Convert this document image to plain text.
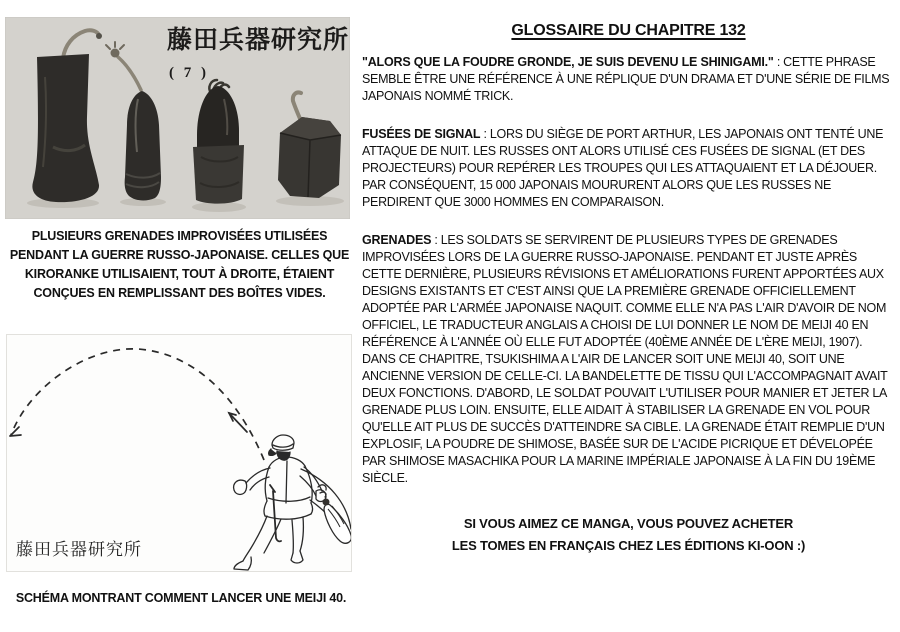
藤田兵器研究所
( 7 )
PLUSIEURS GRENADES IMPROVISÉES UTILISÉES PENDANT LA GUERRE RUSSO-JAPONAISE. CELLES QUE KIRORANKE UTILISAIENT, TOUT À DROITE, ÉTAIENT CONÇUES EN REMPLISSANT DES BOÎTES VIDES.
藤田兵器研究所
SCHÉMA MONTRANT COMMENT LANCER UNE MEIJI 40.
GLOSSAIRE DU CHAPITRE 132

"ALORS QUE LA FOUDRE GRONDE, JE SUIS DEVENU LE SHINIGAMI." : CETTE PHRASE SEMBLE ÊTRE UNE RÉFÉRENCE À UNE RÉPLIQUE D'UN DRAMA ET D'UNE SÉRIE DE FILMS JAPONAIS NOMMÉ TRICK.

FUSÉES DE SIGNAL : LORS DU SIÈGE DE PORT ARTHUR, LES JAPONAIS ONT TENTÉ UNE ATTAQUE DE NUIT. LES RUSSES ONT ALORS UTILISÉ CES FUSÉES DE SIGNAL (ET DES PROJECTEURS) POUR REPÉRER LES TROUPES QUI LES ATTAQUAIENT ET LA DÉJOUER. PAR CONSÉQUENT, 15 000 JAPONAIS MOURURENT ALORS QUE LES RUSSES NE PERDIRENT QUE 3000 HOMMES EN COMPARAISON.

GRENADES : LES SOLDATS SE SERVIRENT DE PLUSIEURS TYPES DE GRENADES IMPROVISÉES LORS DE LA GUERRE RUSSO-JAPONAISE. PENDANT ET JUSTE APRÈS CETTE DERNIÈRE, PLUSIEURS RÉVISIONS ET AMÉLIORATIONS FURENT APPORTÉES AUX DESIGNS EXISTANTS ET C'EST AINSI QUE LA PREMIÈRE GRENADE OFFICIELLEMENT ADOPTÉE PAR L'ARMÉE JAPONAISE NAQUIT. COMME ELLE N'A PAS L'AIR D'AVOIR DE NOM OFFICIEL, LE TRADUCTEUR ANGLAIS A CHOISI DE LUI DONNER LE NOM DE MEIJI 40 EN RÉFÉRENCE À L'ANNÉE OÙ ELLE FUT ADOPTÉE (40ÈME ANNÉE DE L'ÈRE MEIJI, 1907). DANS CE CHAPITRE, TSUKISHIMA A L'AIR DE LANCER SOIT UNE MEIJI 40, SOIT UNE ANCIENNE VERSION DE CELLE-CI. LA BANDELETTE DE TISSU QUI L'ACCOMPAGNAIT AVAIT DEUX FONCTIONS. D'ABORD, LE SOLDAT POUVAIT L'UTILISER POUR MANIER ET JETER LA GRENADE PLUS LOIN. ENSUITE, ELLE AIDAIT À STABILISER LA GRENADE EN VOL POUR QU'ELLE AIT PLUS DE SUCCÈS D'ATTEINDRE SA CIBLE. LA GRENADE ÉTAIT REMPLIE D'UN EXPLOSIF, LA POUDRE DE SHIMOSE, BASÉE SUR DE L'ACIDE PICRIQUE ET DÉVELOPÉE PAR SHIMOSE MASACHIKA POUR LA MARINE IMPÉRIALE JAPONAISE À LA FIN DU 19ÈME SIÈCLE.

SI VOUS AIMEZ CE MANGA, VOUS POUVEZ ACHETER
LES TOMES EN FRANÇAIS CHEZ LES ÉDITIONS KI-OON :)
